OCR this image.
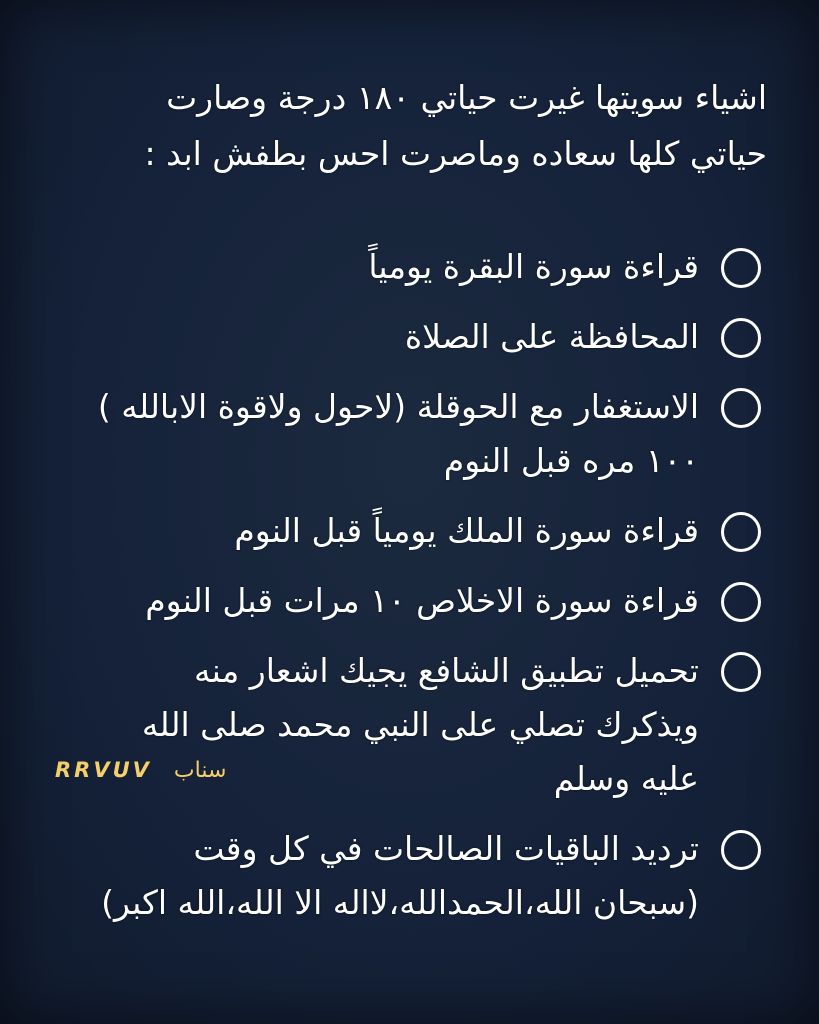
اشياء سويتها غيرت حياتي ١٨٠ درجة وصارت
حياتي كلها سعاده وماصرت احس بطفش ابد :
قراءة سورة البقرة يومياً
المحافظة على الصلاة
الاستغفار مع الحوقلة (لاحول ولاقوة الابالله )
١٠٠ مره قبل النوم
قراءة سورة الملك يومياً قبل النوم
قراءة سورة الاخلاص ١٠ مرات قبل النوم
تحميل تطبيق الشافع يجيك اشعار منه
ويذكرك تصلي على النبي محمد صلى الله
عليه وسلم
ترديد الباقيات الصالحات في كل وقت
(سبحان الله،الحمدالله،لااله الا الله،الله اكبر)
RRVUV سناب
